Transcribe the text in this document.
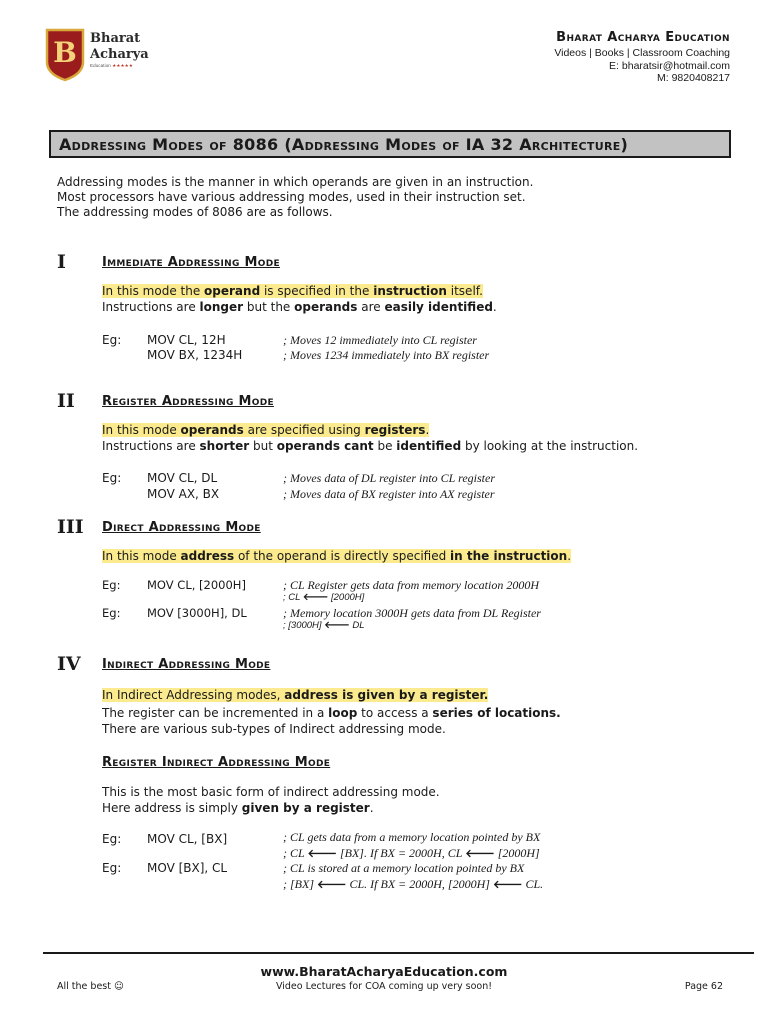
B Bharat
Acharya
Education ★★★★★
Bharat Acharya Education
Videos | Books | Classroom Coaching
E: bharatsir@hotmail.com
M: 9820408217
Addressing Modes of 8086 (Addressing Modes of IA 32 Architecture)
Addressing modes is the manner in which operands are given in an instruction.
Most processors have various addressing modes, used in their instruction set.
The addressing modes of 8086 are as follows.
I	Immediate Addressing Mode
In this mode the operand is specified in the instruction itself.
Instructions are longer but the operands are easily identified.
Eg: MOV CL, 12H	; Moves 12 immediately into CL register
MOV BX, 1234H	; Moves 1234 immediately into BX register
II Register Addressing Mode
In this mode operands are specified using registers.
Instructions are shorter but operands cant be identified by looking at the instruction.
Eg: MOV CL, DL	; Moves data of DL register into CL register
MOV AX, BX	; Moves data of BX register into AX register
III Direct Addressing Mode
In this mode address of the operand is directly specified in the instruction.
Eg: MOV CL, [2000H]	; CL Register gets data from memory location 2000H
; CL 🡐 [2000H]
Eg: MOV [3000H], DL	; Memory location 3000H gets data from DL Register
; [3000H] 🡐 DL
IV Indirect Addressing Mode
In Indirect Addressing modes, address is given by a register.
The register can be incremented in a loop to access a series of locations.
There are various sub-types of Indirect addressing mode.
Register Indirect Addressing Mode
This is the most basic form of indirect addressing mode.
Here address is simply given by a register.
Eg: MOV CL, [BX]	; CL gets data from a memory location pointed by BX
; CL 🡐 [BX]. If BX = 2000H, CL 🡐 [2000H]
Eg: MOV [BX], CL	; CL is stored at a memory location pointed by BX
; [BX] 🡐 CL. If BX = 2000H, [2000H] 🡐 CL.
www.BharatAcharyaEducation.com
Video Lectures for COA coming up very soon!
All the best ☺	Page 62
